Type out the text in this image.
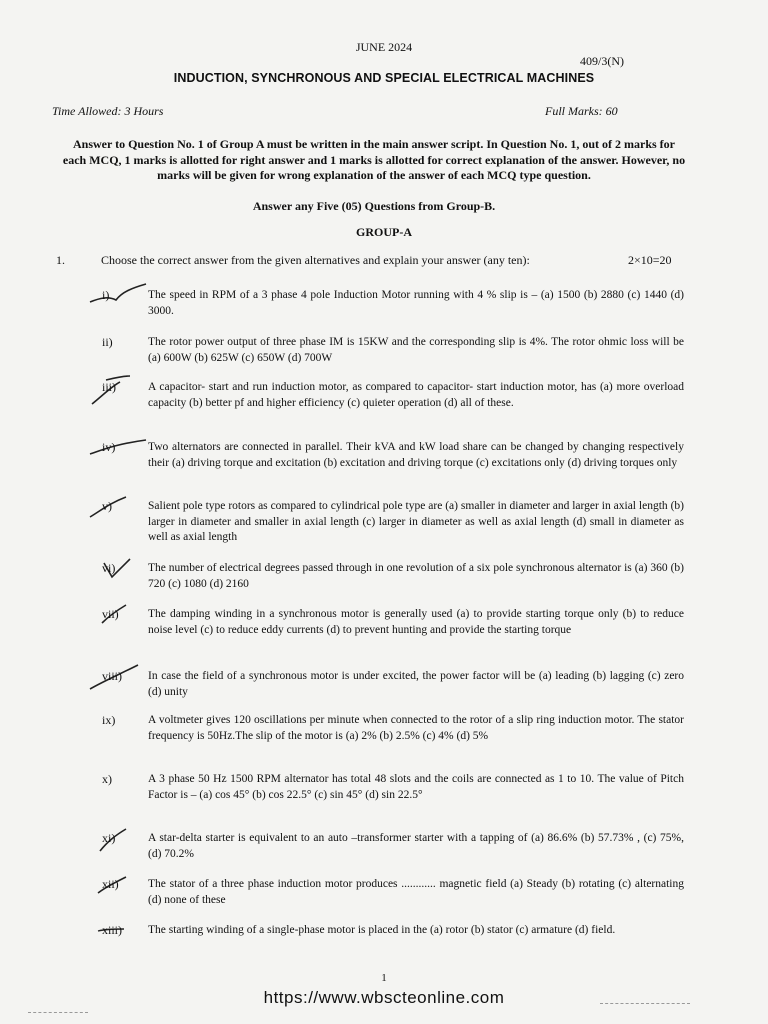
JUNE 2024
409/3(N)
INDUCTION, SYNCHRONOUS AND SPECIAL ELECTRICAL MACHINES
Time Allowed: 3 Hours	Full Marks: 60
Answer to Question No. 1 of Group A must be written in the main answer script. In Question No. 1, out of 2 marks for each MCQ, 1 marks is allotted for right answer and 1 marks is allotted for correct explanation of the answer. However, no marks will be given for wrong explanation of the answer of each MCQ type question.
Answer any Five (05) Questions from Group-B.
GROUP-A
1.	Choose the correct answer from the given alternatives and explain your answer (any ten):	2×10=20
i)	The speed in RPM of a 3 phase 4 pole Induction Motor running with 4 % slip is – (a) 1500 (b) 2880 (c) 1440 (d) 3000.
ii)	The rotor power output of three phase IM is 15KW and the corresponding slip is 4%. The rotor ohmic loss will be (a) 600W (b) 625W (c) 650W (d) 700W
iii)	A capacitor- start and run induction motor, as compared to capacitor- start induction motor, has (a) more overload capacity (b) better pf and higher efficiency (c) quieter operation (d) all of these.
iv)	Two alternators are connected in parallel. Their kVA and kW load share can be changed by changing respectively their (a) driving torque and excitation (b) excitation and driving torque (c) excitations only (d) driving torques only
v)	Salient pole type rotors as compared to cylindrical pole type are (a) smaller in diameter and larger in axial length (b) larger in diameter and smaller in axial length (c) larger in diameter as well as axial length (d) small in diameter as well as axial length
vi)	The number of electrical degrees passed through in one revolution of a six pole synchronous alternator is (a) 360 (b) 720 (c) 1080 (d) 2160
vii)	The damping winding in a synchronous motor is generally used (a) to provide starting torque only (b) to reduce noise level (c) to reduce eddy currents (d) to prevent hunting and provide the starting torque
viii)	In case the field of a synchronous motor is under excited, the power factor will be (a) leading (b) lagging (c) zero (d) unity
ix)	A voltmeter gives 120 oscillations per minute when connected to the rotor of a slip ring induction motor. The stator frequency is 50Hz.The slip of the motor is (a) 2% (b) 2.5% (c) 4% (d) 5%
x)	A 3 phase 50 Hz 1500 RPM alternator has total 48 slots and the coils are connected as 1 to 10. The value of Pitch Factor is – (a) cos 45° (b) cos 22.5° (c) sin 45° (d) sin 22.5°
xi)	A star-delta starter is equivalent to an auto –transformer starter with a tapping of (a) 86.6% (b) 57.73% , (c) 75%, (d) 70.2%
xii)	The stator of a three phase induction motor produces ............ magnetic field (a) Steady (b) rotating (c) alternating (d) none of these
xiii)	The starting winding of a single-phase motor is placed in the (a) rotor (b) stator (c) armature (d) field.
1
https://www.wbscteonline.com
